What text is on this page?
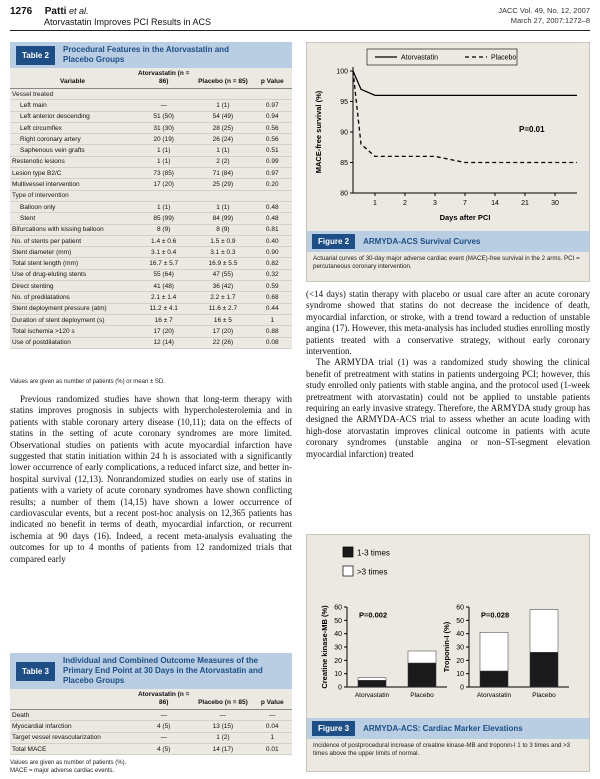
1276 Patti et al.
Atorvastatin Improves PCI Results in ACS
JACC Vol. 49, No. 12, 2007
March 27, 2007:1272–8
Table 2
Procedural Features in the Atorvastatin and Placebo Groups
Variable	Atorvastatin (n = 86)	Placebo (n = 85)	p Value
Vessel treated			
Left main	—	1 (1)	0.97
Left anterior descending	51 (50)	54 (49)	0.94
Left circumflex	31 (30)	28 (25)	0.56
Right coronary artery	20 (19)	26 (24)	0.56
Saphenous vein grafts	1 (1)	1 (1)	0.51
Restenotic lesions	1 (1)	2 (2)	0.99
Lesion type B2/C	73 (85)	71 (84)	0.97
Multivessel intervention	17 (20)	25 (29)	0.20
Type of intervention			
Balloon only	1 (1)	1 (1)	0.48
Stent	85 (99)	84 (99)	0.48
Bifurcations with kissing balloon	8 (9)	8 (9)	0.81
No. of stents per patient	1.4 ± 0.6	1.5 ± 0.9	0.40
Stent diameter (mm)	3.1 ± 0.4	3.1 ± 0.3	0.90
Total stent length (mm)	16.7 ± 5.7	16.9 ± 5.5	0.82
Use of drug-eluting stents	55 (64)	47 (55)	0.32
Direct stenting	41 (48)	36 (42)	0.59
No. of predilatations	2.1 ± 1.4	2.2 ± 1.7	0.68
Stent deployment pressure (atm)	11.2 ± 4.1	11.6 ± 2.7	0.44
Duration of stent deployment (s)	16 ± 7	16 ± 5	1
Total ischemia >120 s	17 (20)	17 (20)	0.88
Use of postdilatation	12 (14)	22 (26)	0.08
Values are given as number of patients (%) or mean ± SD.

Previous randomized studies have shown that long-term therapy with statins improves prognosis in subjects with hypercholesterolemia and in patients with stable coronary artery disease (10,11); data on the effects of statins in the setting of acute coronary syndromes are more limited. Observational studies on patients with acute myocardial infarction have suggested that statin initiation within 24 h is associated with a significantly lower occurrence of early complications, a reduced infarct size, and better in-hospital survival (12,13). Nonrandomized studies on early use of statins in patients with a variety of acute coronary syndromes have shown conflicting results; a number of them (14,15) have shown a lower occurrence of cardiovascular events, but a recent post-hoc analysis on 12,365 patients has indicated no benefit in terms of death, myocardial infarction, or recurrent ischemia at 90 days (16). Indeed, a recent meta-analysis evaluating the outcomes for up to 4 months of patients from 12 randomized trials that compared early

Table 3
Individual and Combined Outcome Measures of the Primary End Point at 30 Days in the Atorvastatin and Placebo Groups
	Atorvastatin (n = 86)	Placebo (n = 85)	p Value
Death	—	—	—
Myocardial infarction	4 (5)	13 (15)	0.04
Target vessel revascularization	—	1 (2)	1
Total MACE	4 (5)	14 (17)	0.01
Values are given as number of patients (%).
MACE = major adverse cardiac events.
80
85
90
95
100
1	2	3	7	14	21	30
Days after PCI
MACE-free survival (%)	P=0.01
Atorvastatin	Placebo
Figure 2	ARMYDA-ACS Survival Curves
Actuarial curves of 30-day major adverse cardiac event (MACE)-free survival in the 2 arms. PCI = percutaneous coronary intervention.

(<14 days) statin therapy with placebo or usual care after an acute coronary syndrome showed that statins do not decrease the incidence of death, myocardial infarction, or stroke, with a trend toward a reduction of unstable angina (17). However, this meta-analysis has included studies enrolling mostly patients treated with a conservative strategy, without early coronary intervention.

The ARMYDA trial (1) was a randomized study showing the clinical benefit of pretreatment with statins in patients undergoing PCI; however, this study enrolled only patients with stable angina, and the protocol used (1-week pretreatment with atorvastatin) could not be applied to unstable patients requiring an early invasive strategy. Therefore, the ARMYDA study group has designed the ARMYDA-ACS trial to assess whether an acute loading with high-dose atorvastatin improves clinical outcome in patients with acute coronary syndromes (unstable angina or non–ST-segment elevation myocardial infarction) treated

1-3 times
>3 times
0
10
20
30
40
50
60
Creatine kinase-MB (%)	P=0.002
Atorvastatin	Placebo
0
10
20
30
40
50
60
Troponin-I (%)
P=0.028
Atorvastatin	Placebo
Figure 3	ARMYDA-ACS: Cardiac Marker Elevations
Incidence of postprocedural increase of creatine kinase-MB and troponin-I 1 to 3 times and >3 times above the upper limits of normal.
